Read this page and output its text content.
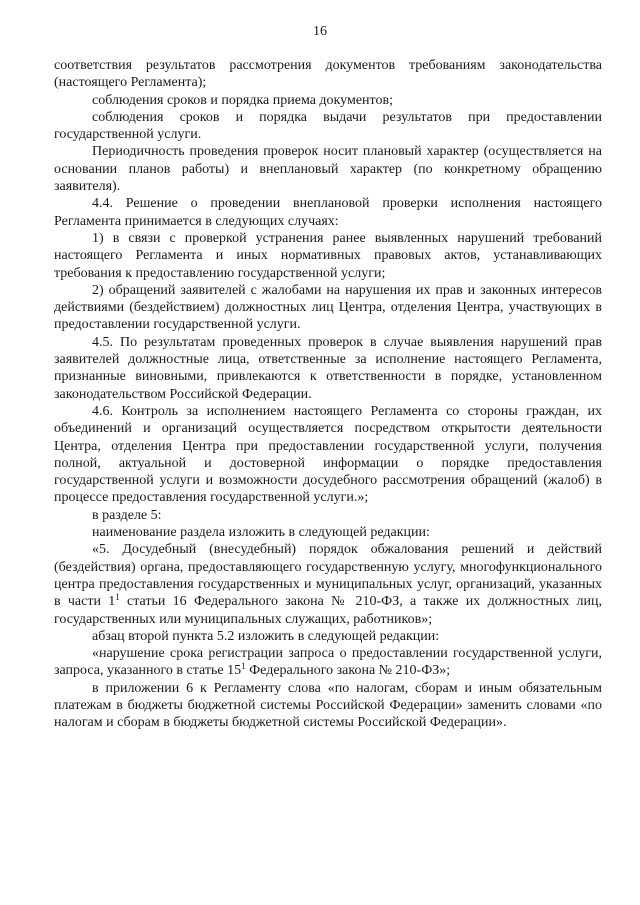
16

соответствия результатов рассмотрения документов требованиям законодательства (настоящего Регламента);

соблюдения сроков и порядка приема документов;

соблюдения сроков и порядка выдачи результатов при предоставлении государственной услуги.

Периодичность проведения проверок носит плановый характер (осуществляется на основании планов работы) и внеплановый характер (по конкретному обращению заявителя).

4.4. Решение о проведении внеплановой проверки исполнения настоящего Регламента принимается в следующих случаях:

1) в связи с проверкой устранения ранее выявленных нарушений требований настоящего Регламента и иных нормативных правовых актов, устанавливающих требования к предоставлению государственной услуги;

2) обращений заявителей с жалобами на нарушения их прав и законных интересов действиями (бездействием) должностных лиц Центра, отделения Центра, участвующих в предоставлении государственной услуги.

4.5. По результатам проведенных проверок в случае выявления нарушений прав заявителей должностные лица, ответственные за исполнение настоящего Регламента, признанные виновными, привлекаются к ответственности в порядке, установленном законодательством Российской Федерации.

4.6. Контроль за исполнением настоящего Регламента со стороны граждан, их объединений и организаций осуществляется посредством открытости деятельности Центра, отделения Центра при предоставлении государственной услуги, получения полной, актуальной и достоверной информации о порядке предоставления государственной услуги и возможности досудебного рассмотрения обращений (жалоб) в процессе предоставления государственной услуги.»;

в разделе 5:

наименование раздела изложить в следующей редакции:

«5. Досудебный (внесудебный) порядок обжалования решений и действий (бездействия) органа, предоставляющего государственную услугу, многофункционального центра предоставления государственных и муниципальных услуг, организаций, указанных в части $1^1$ статьи 16 Федерального закона № 210-ФЗ, а также их должностных лиц, государственных или муниципальных служащих, работников»;

абзац второй пункта 5.2 изложить в следующей редакции:

«нарушение срока регистрации запроса о предоставлении государственной услуги, запроса, указанного в статье $15^1$ Федерального закона № 210-ФЗ»;

в приложении 6 к Регламенту слова «по налогам, сборам и иным обязательным платежам в бюджеты бюджетной системы Российской Федерации» заменить словами «по налогам и сборам в бюджеты бюджетной системы Российской Федерации».
